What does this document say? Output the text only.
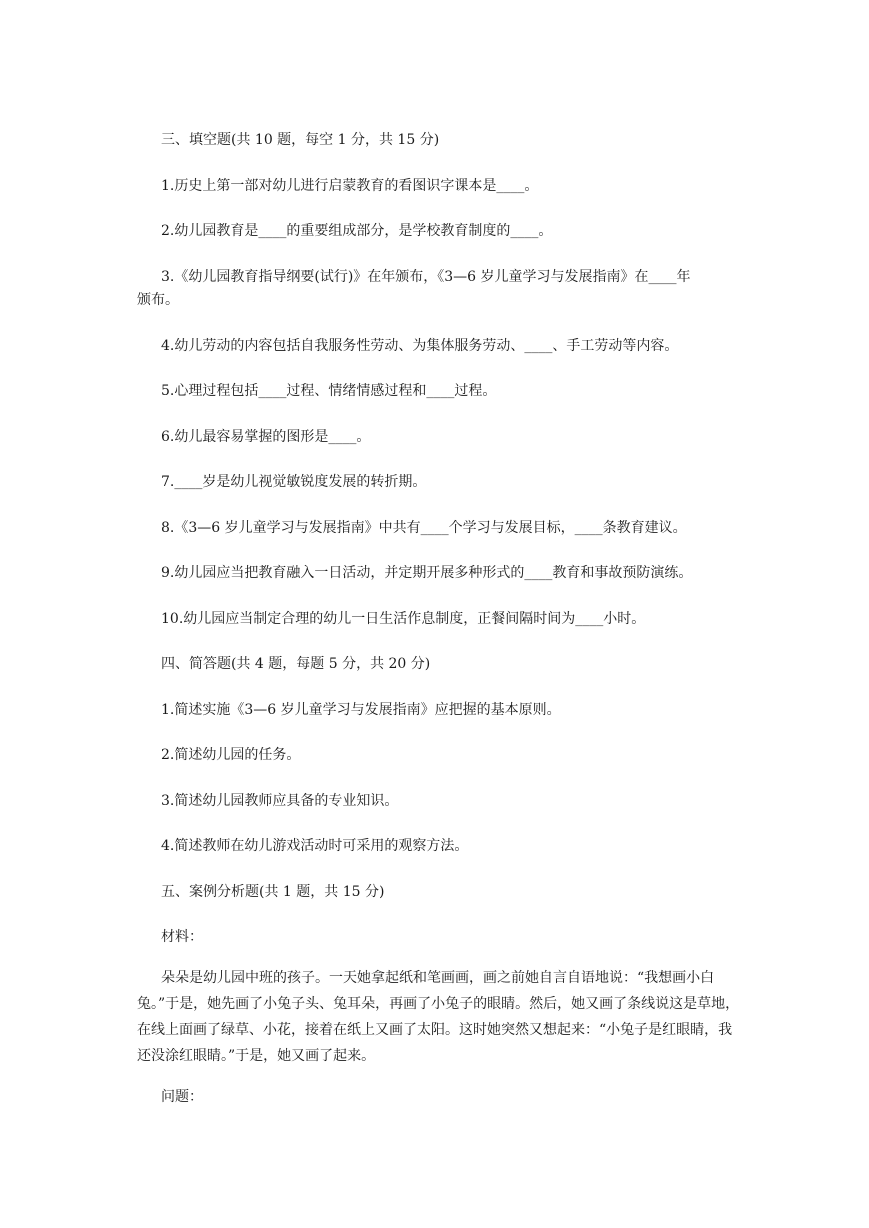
三、填空题(共 10 题，每空 1 分，共 15 分)
1.历史上第一部对幼儿进行启蒙教育的看图识字课本是____。
2.幼儿园教育是____的重要组成部分，是学校教育制度的____。
3.《幼儿园教育指导纲要(试行)》在年颁布，《3—6 岁儿童学习与发展指南》在____年
颁布。
4.幼儿劳动的内容包括自我服务性劳动、为集体服务劳动、____、手工劳动等内容。
5.心理过程包括____过程、情绪情感过程和____过程。
6.幼儿最容易掌握的图形是____。
7.____岁是幼儿视觉敏锐度发展的转折期。
8.《3—6 岁儿童学习与发展指南》中共有____个学习与发展目标，____条教育建议。
9.幼儿园应当把教育融入一日活动，并定期开展多种形式的____教育和事故预防演练。
10.幼儿园应当制定合理的幼儿一日生活作息制度，正餐间隔时间为____小时。
四、简答题(共 4 题，每题 5 分，共 20 分)
1.简述实施《3—6 岁儿童学习与发展指南》应把握的基本原则。
2.简述幼儿园的任务。
3.简述幼儿园教师应具备的专业知识。
4.简述教师在幼儿游戏活动时可采用的观察方法。
五、案例分析题(共 1 题，共 15 分)
材料：
朵朵是幼儿园中班的孩子。一天她拿起纸和笔画画，画之前她自言自语地说：“我想画小白兔。”于是，她先画了小兔子头、兔耳朵，再画了小兔子的眼睛。然后，她又画了条线说这是草地，在线上面画了绿草、小花，接着在纸上又画了太阳。这时她突然又想起来：“小兔子是红眼睛，我还没涂红眼睛。”于是，她又画了起来。
问题：
